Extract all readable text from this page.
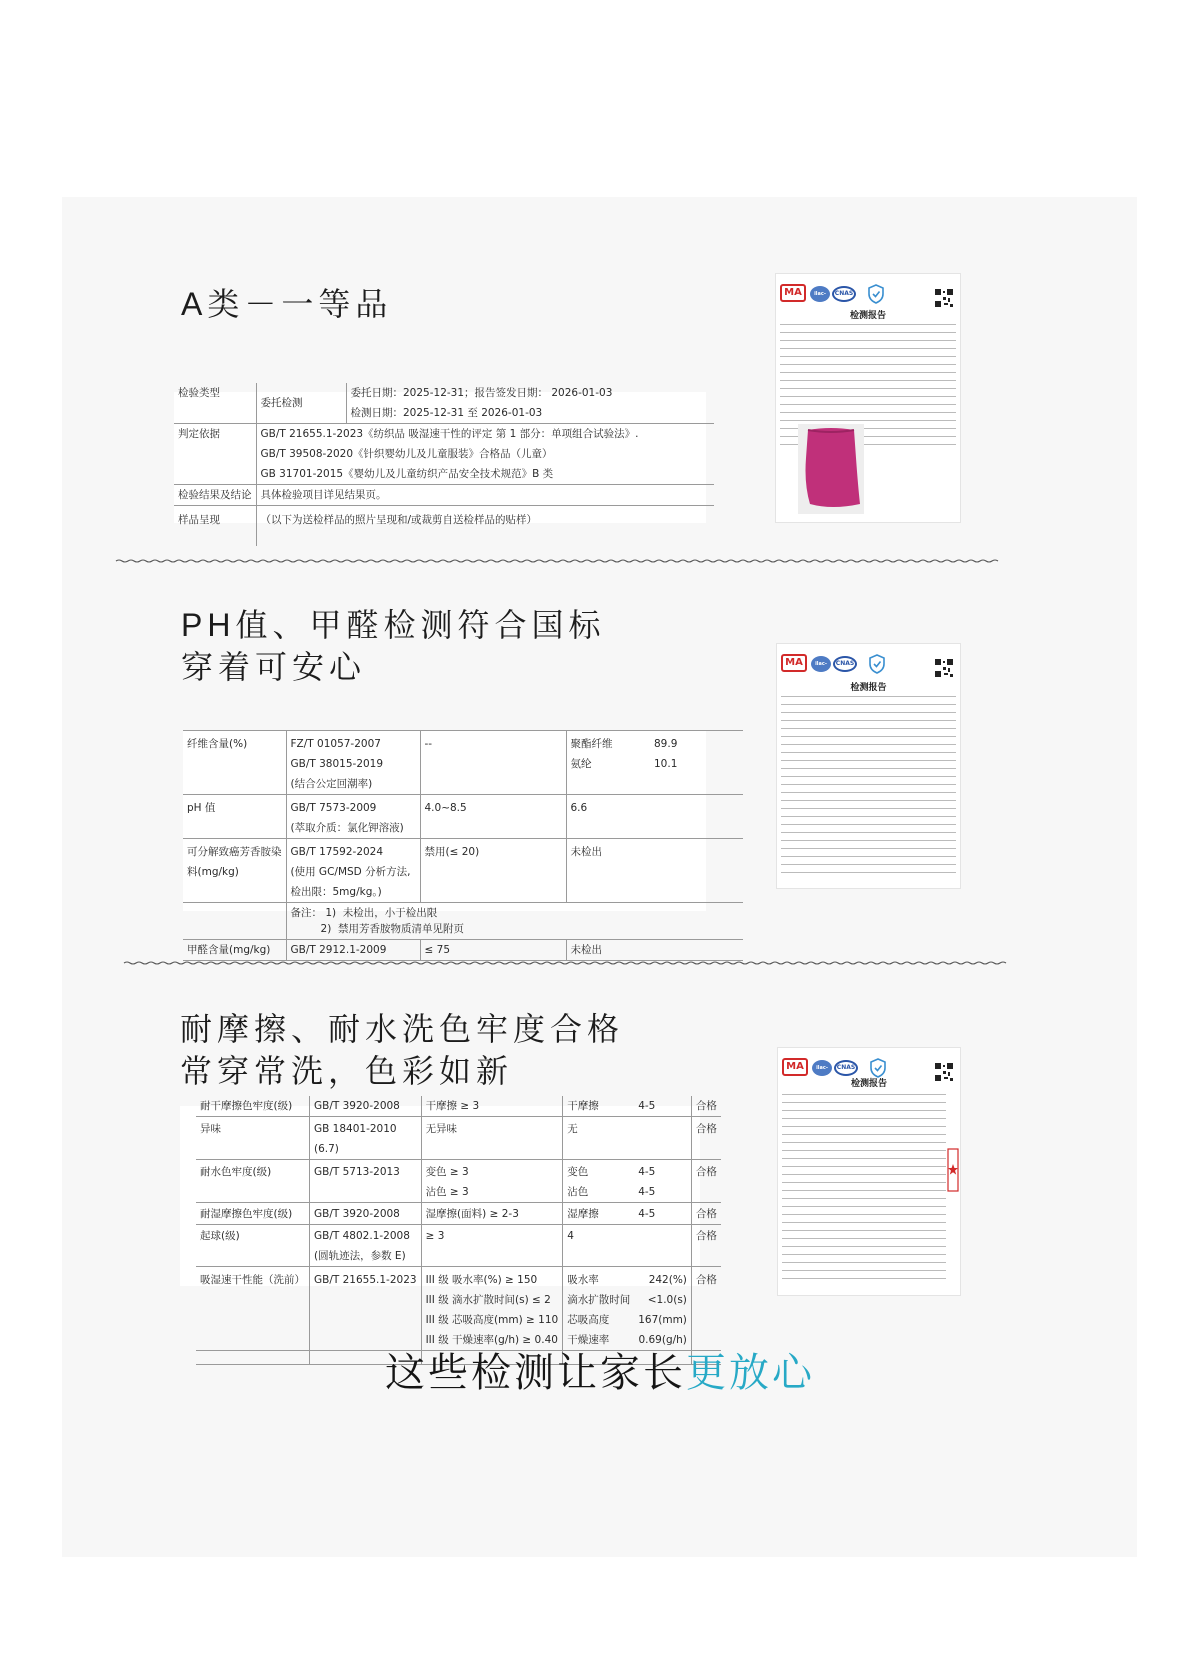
A类－一等品
检验类型	委托检测	委托日期：2025-12-31；报告签发日期： 2026-01-03
		检测日期：2025-12-31 至 2026-01-03
判定依据	GB/T 21655.1-2023《纺织品 吸湿速干性的评定 第 1 部分：单项组合试验法》.	
	GB/T 39508-2020《针织婴幼儿及儿童服装》合格品（儿童）	
	GB 31701-2015《婴幼儿及儿童纺织产品安全技术规范》B 类	
检验结果及结论	具体检验项目详见结果页。	
样品呈现	（以下为送检样品的照片呈现和/或裁剪自送检样品的贴样）	
MA	ilac-MRA
CNAS
检测报告
PH值、甲醛检测符合国标
穿着可安心
纤维含量(%)	FZ/T 01057-2007	--	聚酯纤维	89.9
	GB/T 38015-2019		氨纶	10.1
	(结合公定回潮率)			
pH 值	GB/T 7573-2009	4.0~8.5	6.6	
	(萃取介质：氯化钾溶液)			
可分解致癌芳香胺染	GB/T 17592-2024	禁用(≤ 20)	未检出	
料(mg/kg)	(使用 GC/MSD 分析方法,			
	检出限：5mg/kg。)			

	备注： 1)  未检出，小于检出限
2)  禁用芳香胺物质清单见附页			

甲醛含量(mg/kg)	GB/T 2912.1-2009	≤ 75	未检出	
MA	ilac-MRA
CNAS
检测报告
耐摩擦、耐水洗色牢度合格
常穿常洗，色彩如新
耐干摩擦色牢度(级)	GB/T 3920-2008	干摩擦 ≥ 3	干摩擦	4-5	合格
异味	GB 18401-2010	无异味	无		合格
	(6.7)				
耐水色牢度(级)	GB/T 5713-2013	变色 ≥ 3	变色	4-5	合格
		沾色 ≥ 3	沾色	4-5	
耐湿摩擦色牢度(级)	GB/T 3920-2008	湿摩擦(面料) ≥ 2-3	湿摩擦	4-5	合格
起球(级)	GB/T 4802.1-2008	≥ 3	4		合格
	(圆轨迹法，参数 E)				
吸湿速干性能（洗前）	GB/T 21655.1-2023	III 级 吸水率(%) ≥ 150	吸水率	242(%)	合格
		III 级 滴水扩散时间(s) ≤ 2	滴水扩散时间	<1.0(s)	
		III 级 芯吸高度(mm) ≥ 110	芯吸高度	167(mm)	
		III 级 干燥速率(g/h) ≥ 0.40	干燥速率	0.69(g/h)	

MA	ilac-MRA
CNAS
检测报告
这些检测让家长更放心
